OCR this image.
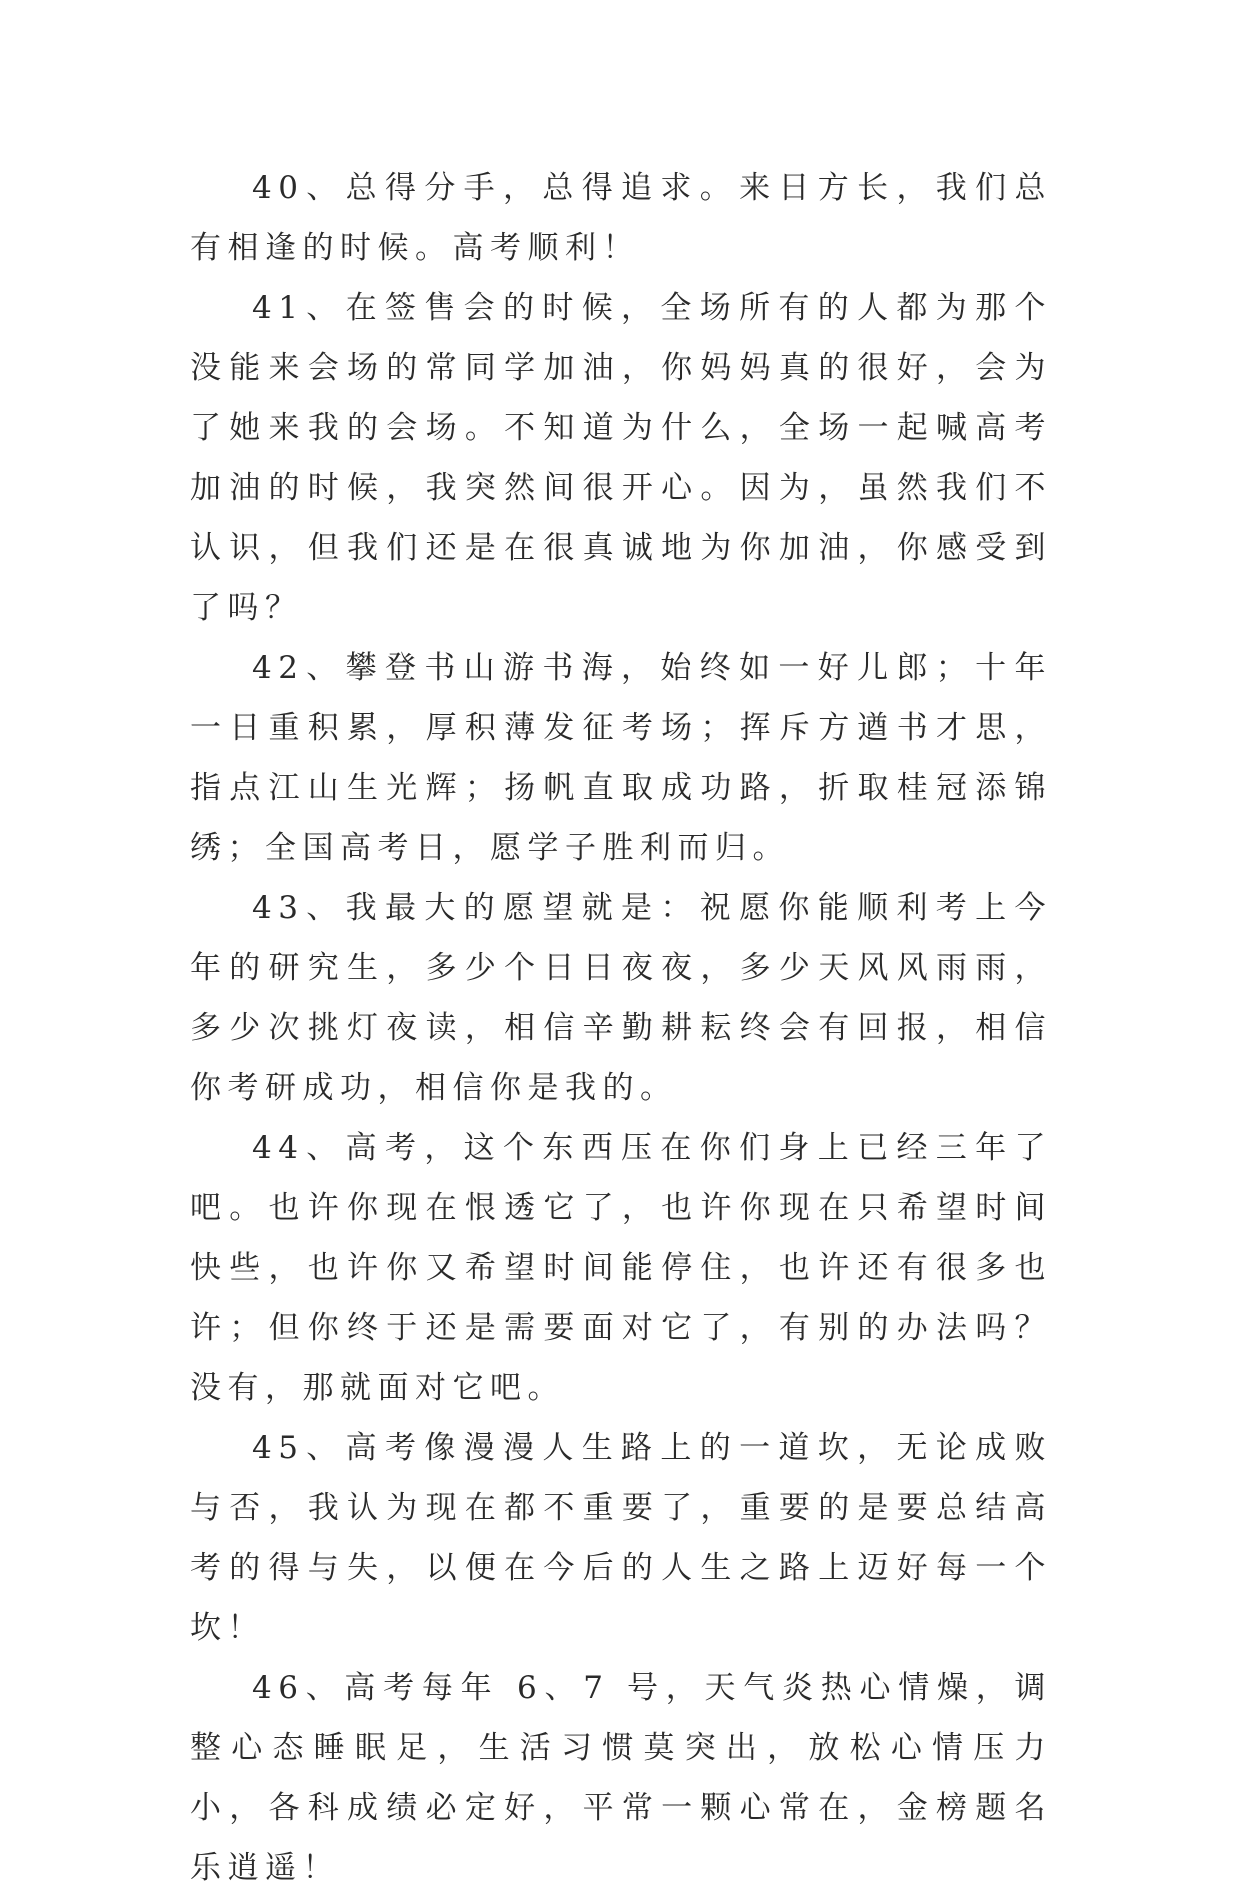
40、总得分手，总得追求。来日方长，我们总有相逢的时候。高考顺利！

41、在签售会的时候，全场所有的人都为那个没能来会场的常同学加油，你妈妈真的很好，会为了她来我的会场。不知道为什么，全场一起喊高考加油的时候，我突然间很开心。因为，虽然我们不认识，但我们还是在很真诚地为你加油，你感受到了吗？

42、攀登书山游书海，始终如一好儿郎；十年一日重积累，厚积薄发征考场；挥斥方遒书才思，指点江山生光辉；扬帆直取成功路，折取桂冠添锦绣；全国高考日，愿学子胜利而归。

43、我最大的愿望就是：祝愿你能顺利考上今年的研究生，多少个日日夜夜，多少天风风雨雨，多少次挑灯夜读，相信辛勤耕耘终会有回报，相信你考研成功，相信你是我的。

44、高考，这个东西压在你们身上已经三年了吧。也许你现在恨透它了，也许你现在只希望时间快些，也许你又希望时间能停住，也许还有很多也许；但你终于还是需要面对它了，有别的办法吗？没有，那就面对它吧。

45、高考像漫漫人生路上的一道坎，无论成败与否，我认为现在都不重要了，重要的是要总结高考的得与失，以便在今后的人生之路上迈好每一个坎！

46、高考每年 6、7 号，天气炎热心情燥，调整心态睡眠足，生活习惯莫突出，放松心情压力小，各科成绩必定好，平常一颗心常在，金榜题名乐逍遥！
